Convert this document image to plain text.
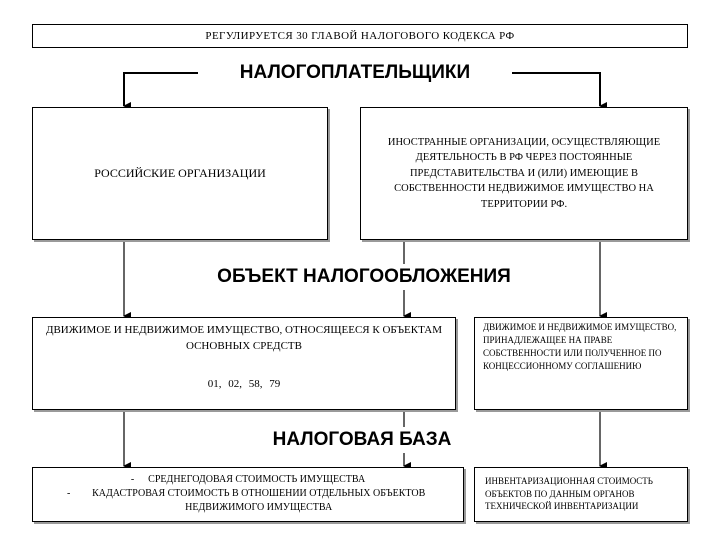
РЕГУЛИРУЕТСЯ 30 ГЛАВОЙ НАЛОГОВОГО КОДЕКСА РФ
НАЛОГОПЛАТЕЛЬЩИКИ
РОССИЙСКИЕ ОРГАНИЗАЦИИ
ИНОСТРАННЫЕ ОРГАНИЗАЦИИ, ОСУЩЕСТВЛЯЮЩИЕ ДЕЯТЕЛЬНОСТЬ В РФ ЧЕРЕЗ ПОСТОЯННЫЕ ПРЕДСТАВИТЕЛЬСТВА И (ИЛИ) ИМЕЮЩИЕ В СОБСТВЕННОСТИ НЕДВИЖИМОЕ ИМУЩЕСТВО НА ТЕРРИТОРИИ РФ.
ОБЪЕКТ НАЛОГООБЛОЖЕНИЯ
ДВИЖИМОЕ И НЕДВИЖИМОЕ ИМУЩЕСТВО, ОТНОСЯЩЕЕСЯ К ОБЪЕКТАМ ОСНОВНЫХ СРЕДСТВ
01, 02, 58, 79
ДВИЖИМОЕ И НЕДВИЖИМОЕ ИМУЩЕСТВО, ПРИНАДЛЕЖАЩЕЕ НА ПРАВЕ СОБСТВЕННОСТИ ИЛИ ПОЛУЧЕННОЕ ПО КОНЦЕССИОННОМУ СОГЛАШЕНИЮ
НАЛОГОВАЯ БАЗА
- СРЕДНЕГОДОВАЯ СТОИМОСТЬ ИМУЩЕСТВА
-	КАДАСТРОВАЯ СТОИМОСТЬ В ОТНОШЕНИИ ОТДЕЛЬНЫХ ОБЪЕКТОВ НЕДВИЖИМОГО ИМУЩЕСТВА
ИНВЕНТАРИЗАЦИОННАЯ СТОИМОСТЬ ОБЪЕКТОВ ПО ДАННЫМ ОРГАНОВ ТЕХНИЧЕСКОЙ ИНВЕНТАРИЗАЦИИ
